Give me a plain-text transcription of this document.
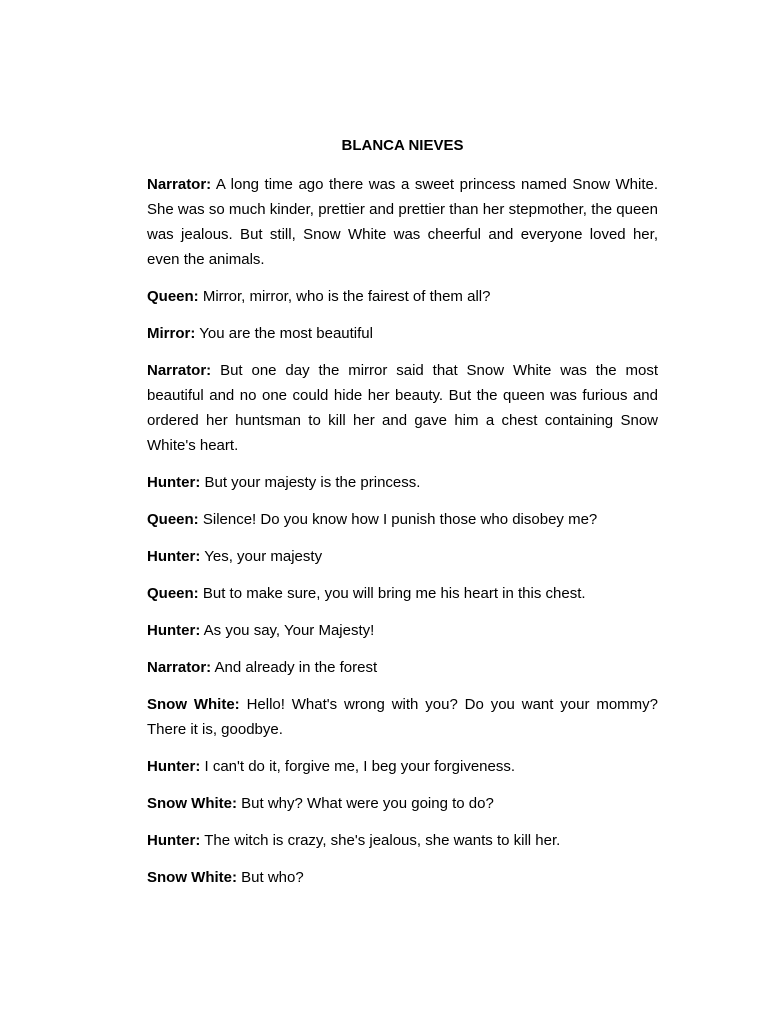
BLANCA NIEVES

Narrator: A long time ago there was a sweet princess named Snow White. She was so much kinder, prettier and prettier than her stepmother, the queen was jealous. But still, Snow White was cheerful and everyone loved her, even the animals.

Queen: Mirror, mirror, who is the fairest of them all?

Mirror: You are the most beautiful

Narrator: But one day the mirror said that Snow White was the most beautiful and no one could hide her beauty. But the queen was furious and ordered her huntsman to kill her and gave him a chest containing Snow White's heart.

Hunter: But your majesty is the princess.

Queen: Silence! Do you know how I punish those who disobey me?

Hunter: Yes, your majesty

Queen: But to make sure, you will bring me his heart in this chest.

Hunter: As you say, Your Majesty!

Narrator: And already in the forest

Snow White: Hello! What's wrong with you? Do you want your mommy? There it is, goodbye.

Hunter: I can't do it, forgive me, I beg your forgiveness.

Snow White: But why? What were you going to do?

Hunter: The witch is crazy, she's jealous, she wants to kill her.

Snow White: But who?
